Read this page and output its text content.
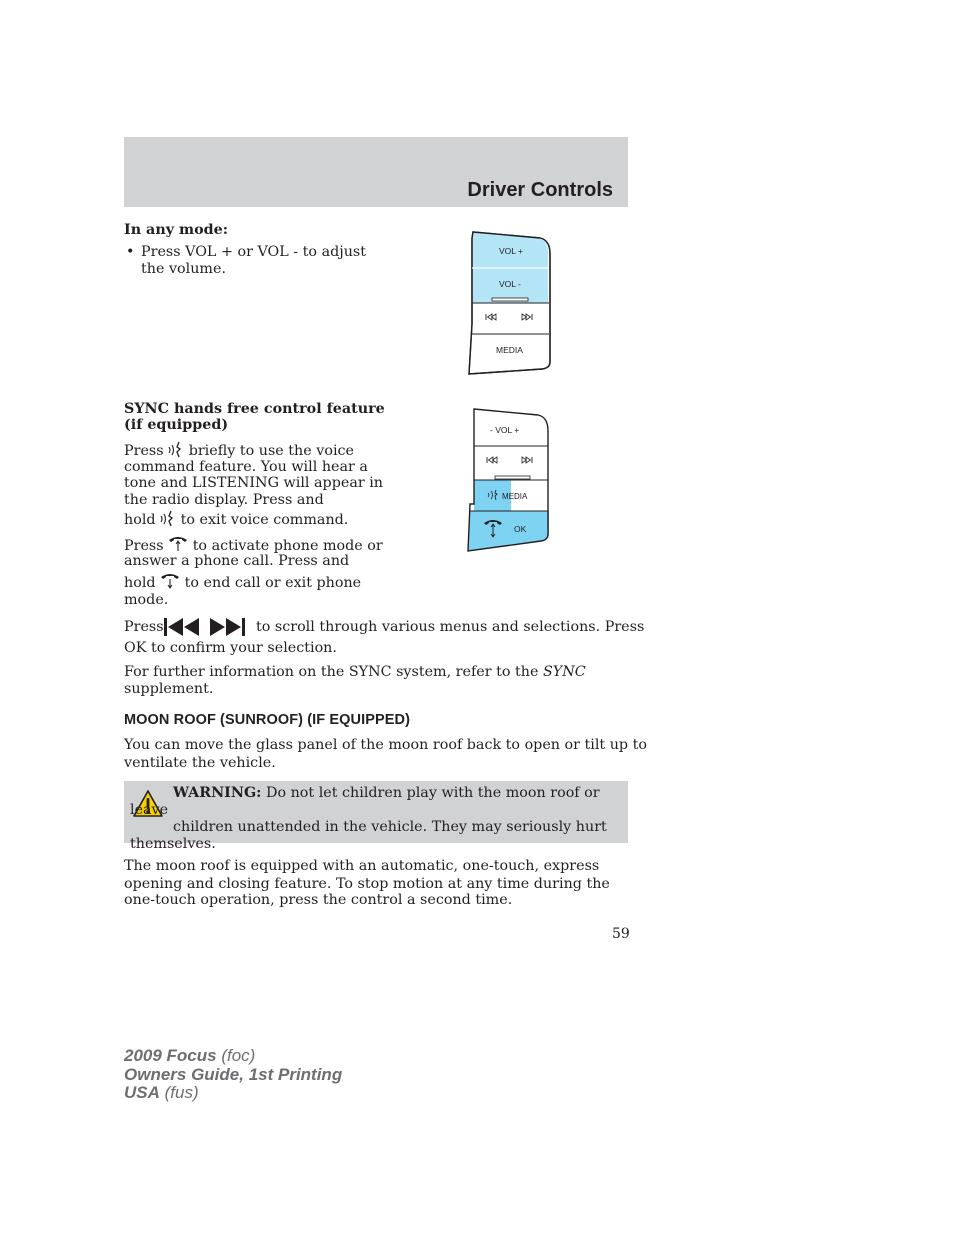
Driver Controls
In any mode:
• Press VOL + or VOL - to adjust the volume.
VOL +
VOL -
MEDIA
- VOL +
MEDIA
OK
SYNC hands free control feature
(if equipped)
Press briefly to use the voice
command feature. You will hear a
tone and LISTENING will appear in
the radio display. Press and
hold to exit voice command.
Press to activate phone mode or
answer a phone call. Press and
hold to end call or exit phone
mode.
Press	to scroll through various menus and selections. Press
OK to confirm your selection.
For further information on the SYNC system, refer to the SYNC
supplement.
MOON ROOF (SUNROOF) (IF EQUIPPED)
You can move the glass panel of the moon roof back to open or tilt up to
ventilate the vehicle.
WARNING: Do not let children play with the moon roof or leave
children unattended in the vehicle. They may seriously hurt
themselves.
The moon roof is equipped with an automatic, one-touch, express
opening and closing feature. To stop motion at any time during the
one-touch operation, press the control a second time.
59
2009 Focus (foc)
Owners Guide, 1st Printing
USA (fus)
